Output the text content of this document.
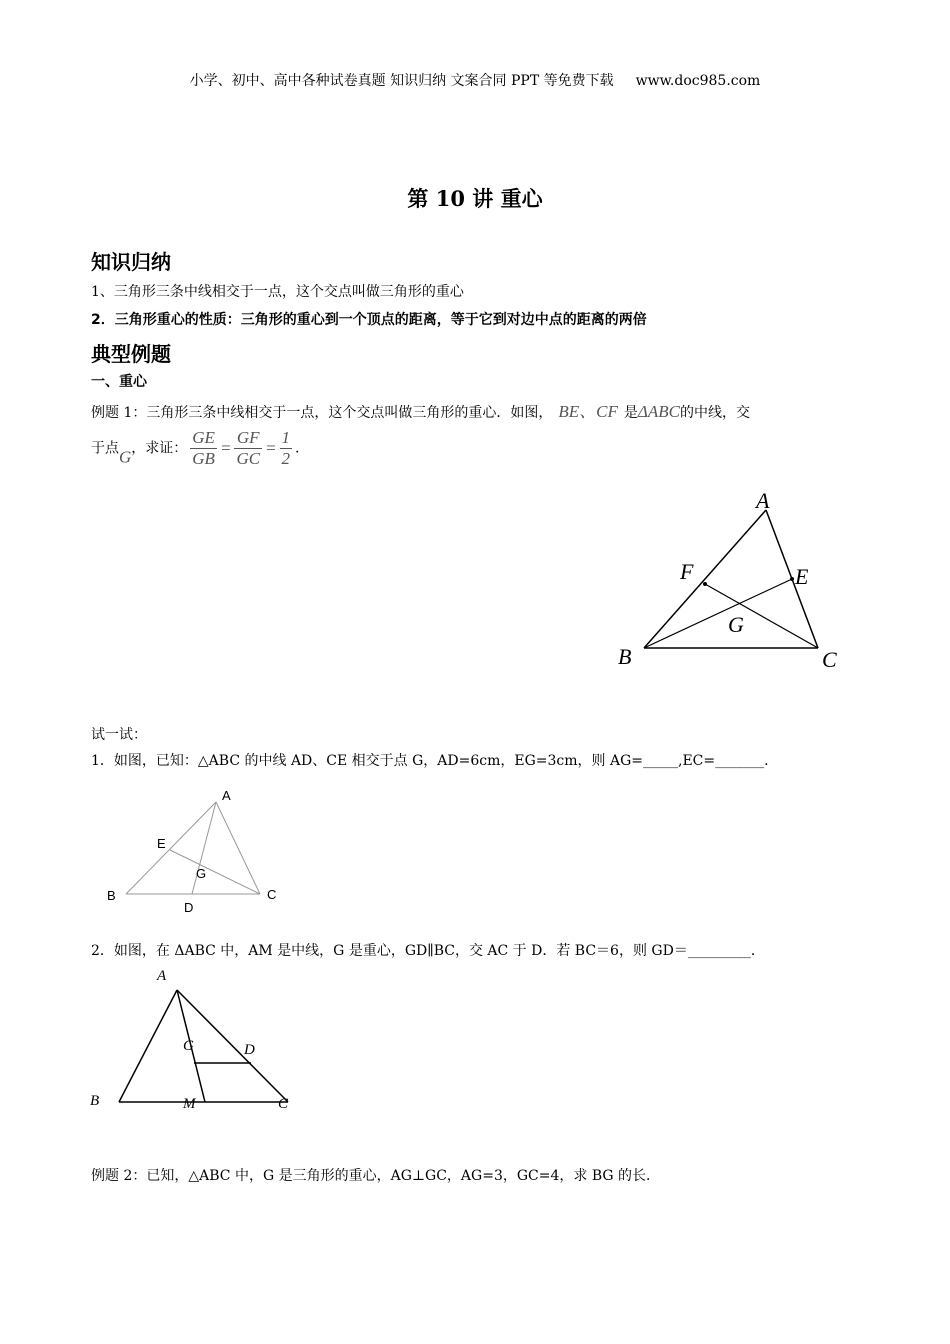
小学、初中、高中各种试卷真题 知识归纳 文案合同 PPT 等免费下载 www.doc985.com
第 10 讲 重心
知识归纳
1、三角形三条中线相交于一点，这个交点叫做三角形的重心
2．三角形重心的性质：三角形的重心到一个顶点的距离，等于它到对边中点的距离的两倍
典型例题
一、重心
例题 1：三角形三条中线相交于一点，这个交点叫做三角形的重心．如图， BE、CF 是ΔABC的中线，交
于点G，求证： $\frac{GE}{GB} = \frac{GF}{GC} = \frac{1}{2}$ .
A
F	E
G
B	C
试一试：
1．如图，已知：△ABC 的中线 AD、CE 相交于点 G，AD=6cm，EG=3cm，则 AG=_____,EC=_______.
A
E
G
B
D
C
2．如图，在 ΔABC 中，AM 是中线，G 是重心，GD∥BC，交 AC 于 D．若 BC＝6，则 GD＝_________．
A
G	D
B	M	C
例题 2：已知，△ABC 中，G 是三角形的重心，AG⊥GC，AG=3，GC=4，求 BG 的长．
